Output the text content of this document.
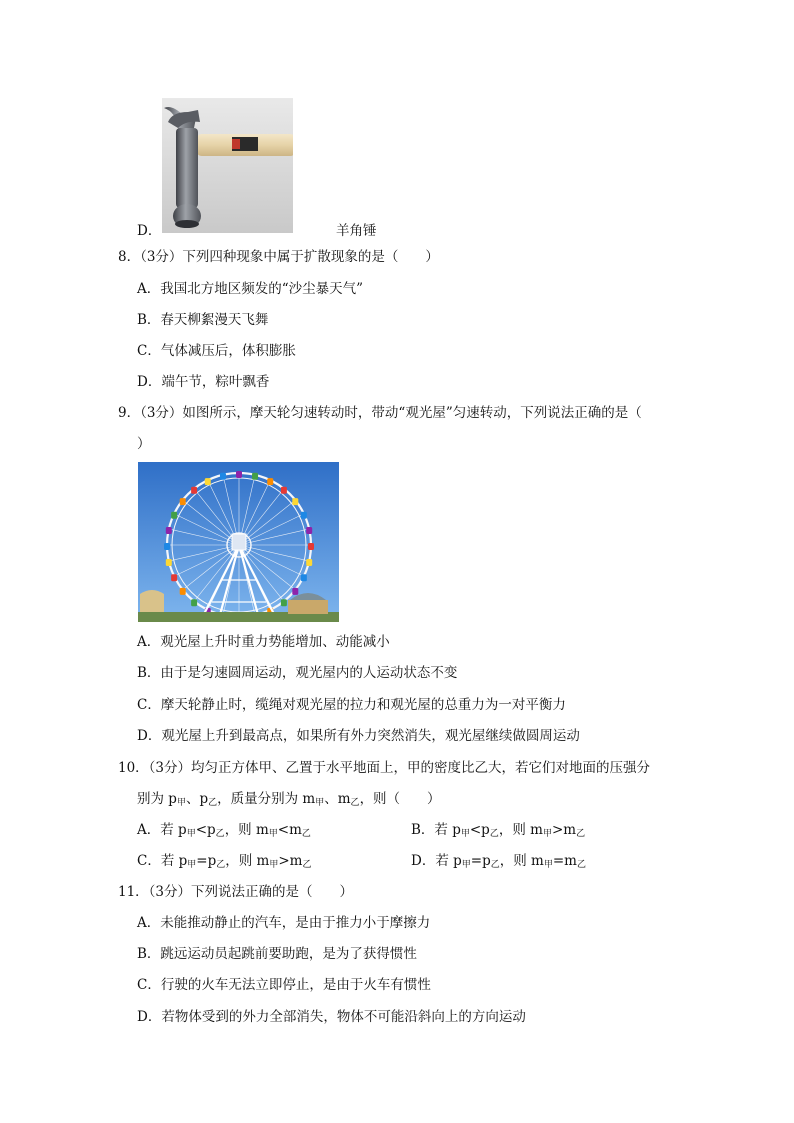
D．	羊角锤
8．（3分）下列四种现象中属于扩散现象的是（　　）
A．我国北方地区频发的“沙尘暴天气”
B．春天柳絮漫天飞舞
C．气体减压后，体积膨胀
D．端午节，粽叶飘香
9．（3分）如图所示，摩天轮匀速转动时，带动“观光屋”匀速转动，下列说法正确的是（
）
A．观光屋上升时重力势能增加、动能减小
B．由于是匀速圆周运动，观光屋内的人运动状态不变
C．摩天轮静止时，缆绳对观光屋的拉力和观光屋的总重力为一对平衡力
D．观光屋上升到最高点，如果所有外力突然消失，观光屋继续做圆周运动
10．（3分）均匀正方体甲、乙置于水平地面上，甲的密度比乙大，若它们对地面的压强分
别为 $p_甲$、$p_乙$，质量分别为 $m_甲$、$m_乙$，则（　　）
A．若 $p_甲<p_乙$，则 $m_甲<m_乙$	B．若 $p_甲<p_乙$，则 $m_甲>m_乙$
C．若 $p_甲=p_乙$，则 $m_甲>m_乙$	D．若 $p_甲=p_乙$，则 $m_甲=m_乙$
11．（3分）下列说法正确的是（　　）
A．未能推动静止的汽车，是由于推力小于摩擦力
B．跳远运动员起跳前要助跑，是为了获得惯性
C．行驶的火车无法立即停止，是由于火车有惯性
D．若物体受到的外力全部消失，物体不可能沿斜向上的方向运动
